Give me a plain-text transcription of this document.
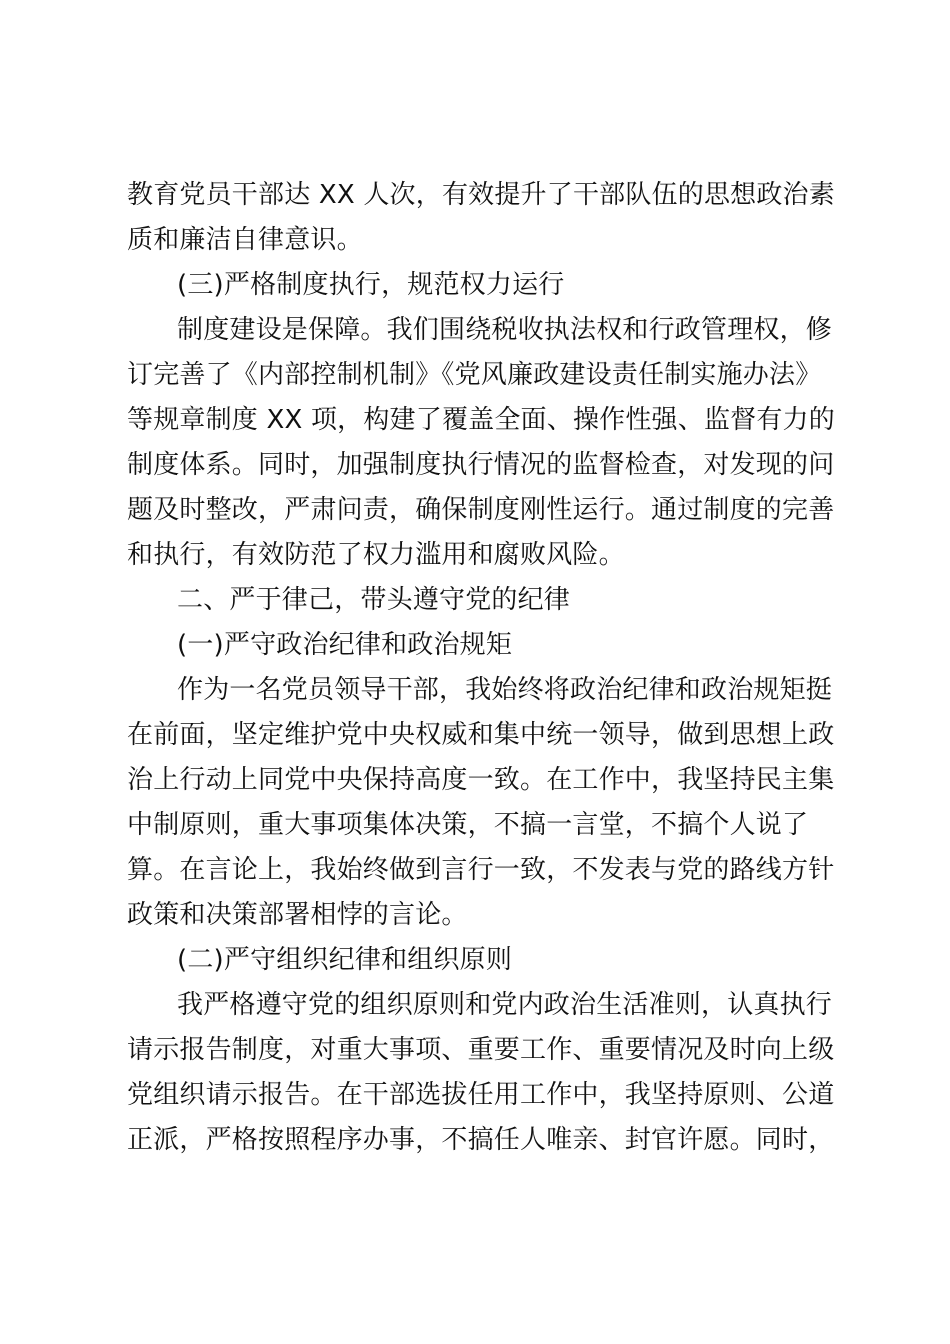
教育党员干部达 XX 人次，有效提升了干部队伍的思想政治素
质和廉洁自律意识。
(三)严格制度执行，规范权力运行
制度建设是保障。我们围绕税收执法权和行政管理权，修
订完善了《内部控制机制》《党风廉政建设责任制实施办法》
等规章制度 XX 项，构建了覆盖全面、操作性强、监督有力的
制度体系。同时，加强制度执行情况的监督检查，对发现的问
题及时整改，严肃问责，确保制度刚性运行。通过制度的完善
和执行，有效防范了权力滥用和腐败风险。
二、严于律己，带头遵守党的纪律
(一)严守政治纪律和政治规矩
作为一名党员领导干部，我始终将政治纪律和政治规矩挺
在前面，坚定维护党中央权威和集中统一领导，做到思想上政
治上行动上同党中央保持高度一致。在工作中，我坚持民主集
中制原则，重大事项集体决策，不搞一言堂，不搞个人说了
算。在言论上，我始终做到言行一致，不发表与党的路线方针
政策和决策部署相悖的言论。
(二)严守组织纪律和组织原则
我严格遵守党的组织原则和党内政治生活准则，认真执行
请示报告制度，对重大事项、重要工作、重要情况及时向上级
党组织请示报告。在干部选拔任用工作中，我坚持原则、公道
正派，严格按照程序办事，不搞任人唯亲、封官许愿。同时，
